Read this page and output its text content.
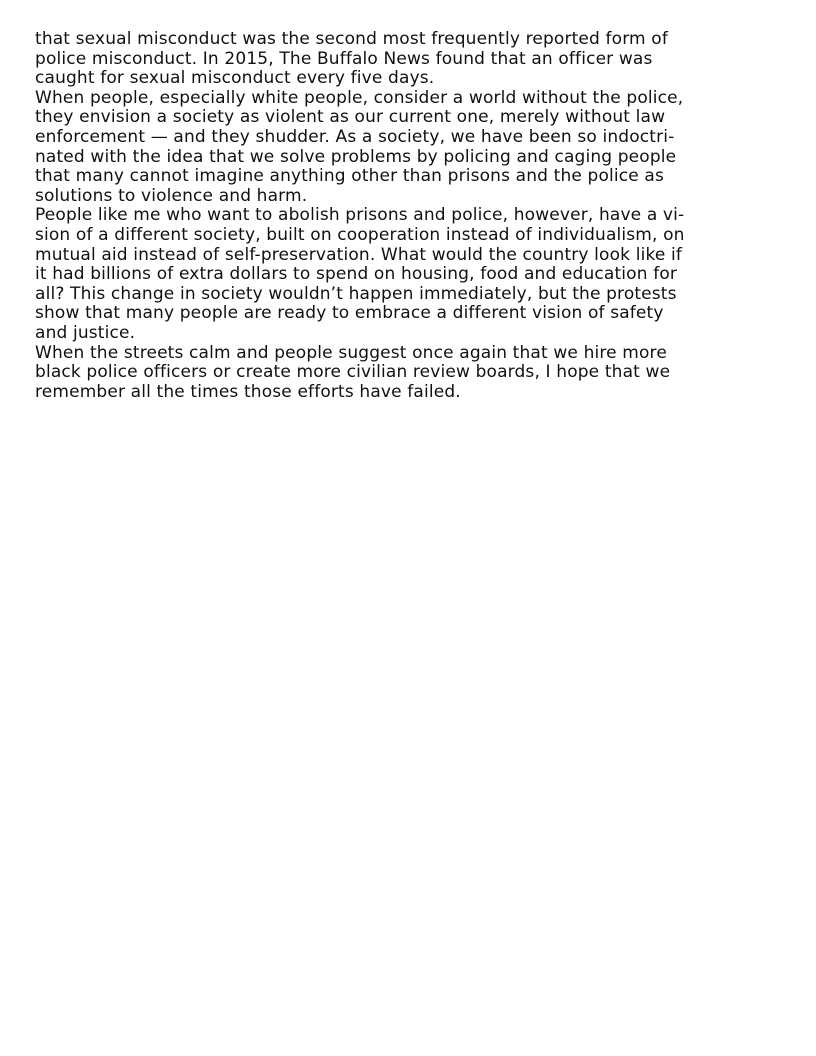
that sexual misconduct was the second most frequently reported form of
police misconduct. In 2015, The Buffalo News found that an officer was
caught for sexual misconduct every five days.

When people, especially white people, consider a world without the police,
they envision a society as violent as our current one, merely without law
enforcement — and they shudder. As a society, we have been so indoctri-
nated with the idea that we solve problems by policing and caging people
that many cannot imagine anything other than prisons and the police as
solutions to violence and harm.

People like me who want to abolish prisons and police, however, have a vi-
sion of a different society, built on cooperation instead of individualism, on
mutual aid instead of self-preservation. What would the country look like if
it had billions of extra dollars to spend on housing, food and education for
all? This change in society wouldn’t happen immediately, but the protests
show that many people are ready to embrace a different vision of safety
and justice.

When the streets calm and people suggest once again that we hire more
black police officers or create more civilian review boards, I hope that we
remember all the times those efforts have failed.
